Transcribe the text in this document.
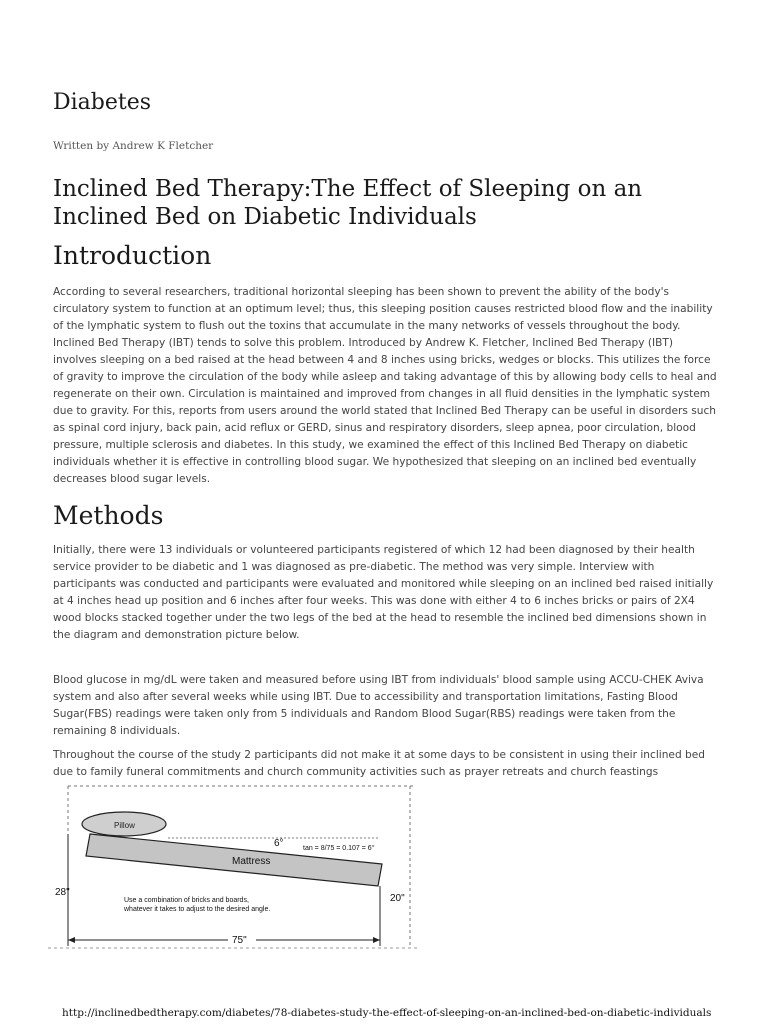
Diabetes
Written by Andrew K Fletcher
Inclined Bed Therapy:The Effect of Sleeping on an Inclined Bed on Diabetic Individuals
Introduction

According to several researchers, traditional horizontal sleeping has been shown to prevent the ability of the body's circulatory system to function at an optimum level; thus, this sleeping position causes restricted blood flow and the inability of the lymphatic system to flush out the toxins that accumulate in the many networks of vessels throughout the body. Inclined Bed Therapy (IBT) tends to solve this problem. Introduced by Andrew K. Fletcher, Inclined Bed Therapy (IBT) involves sleeping on a bed raised at the head between 4 and 8 inches using bricks, wedges or blocks. This utilizes the force of gravity to improve the circulation of the body while asleep and taking advantage of this by allowing body cells to heal and regenerate on their own. Circulation is maintained and improved from changes in all fluid densities in the lymphatic system due to gravity. For this, reports from users around the world stated that Inclined Bed Therapy can be useful in disorders such as spinal cord injury, back pain, acid reflux or GERD, sinus and respiratory disorders, sleep apnea, poor circulation, blood pressure, multiple sclerosis and diabetes. In this study, we examined the effect of this Inclined Bed Therapy on diabetic individuals whether it is effective in controlling blood sugar. We hypothesized that sleeping on an inclined bed eventually decreases blood sugar levels.

Methods

Initially, there were 13 individuals or volunteered participants registered of which 12 had been diagnosed by their health service provider to be diabetic and 1 was diagnosed as pre-diabetic. The method was very simple. Interview with participants was conducted and participants were evaluated and monitored while sleeping on an inclined bed raised initially at 4 inches head up position and 6 inches after four weeks. This was done with either 4 to 6 inches bricks or pairs of 2X4 wood blocks stacked together under the two legs of the bed at the head to resemble the inclined bed dimensions shown in the diagram and demonstration picture below.

Blood glucose in mg/dL were taken and measured before using IBT from individuals' blood sample using ACCU-CHEK Aviva system and also after several weeks while using IBT. Due to accessibility and transportation limitations, Fasting Blood Sugar(FBS) readings were taken only from 5 individuals and Random Blood Sugar(RBS) readings were taken from the remaining 8 individuals.

Throughout the course of the study 2 participants did not make it at some days to be consistent in using their inclined bed due to family funeral commitments and church community activities such as prayer retreats and church feastings

Pillow
Mattress
6°	tan = 8/75 = 0.107 = 6°
28"
20"
Use a combination of bricks and boards,
whatever it takes to adjust to the desired angle.
75"
http://inclinedbedtherapy.com/diabetes/78-diabetes-study-the-effect-of-sleeping-on-an-inclined-bed-on-diabetic-individuals
